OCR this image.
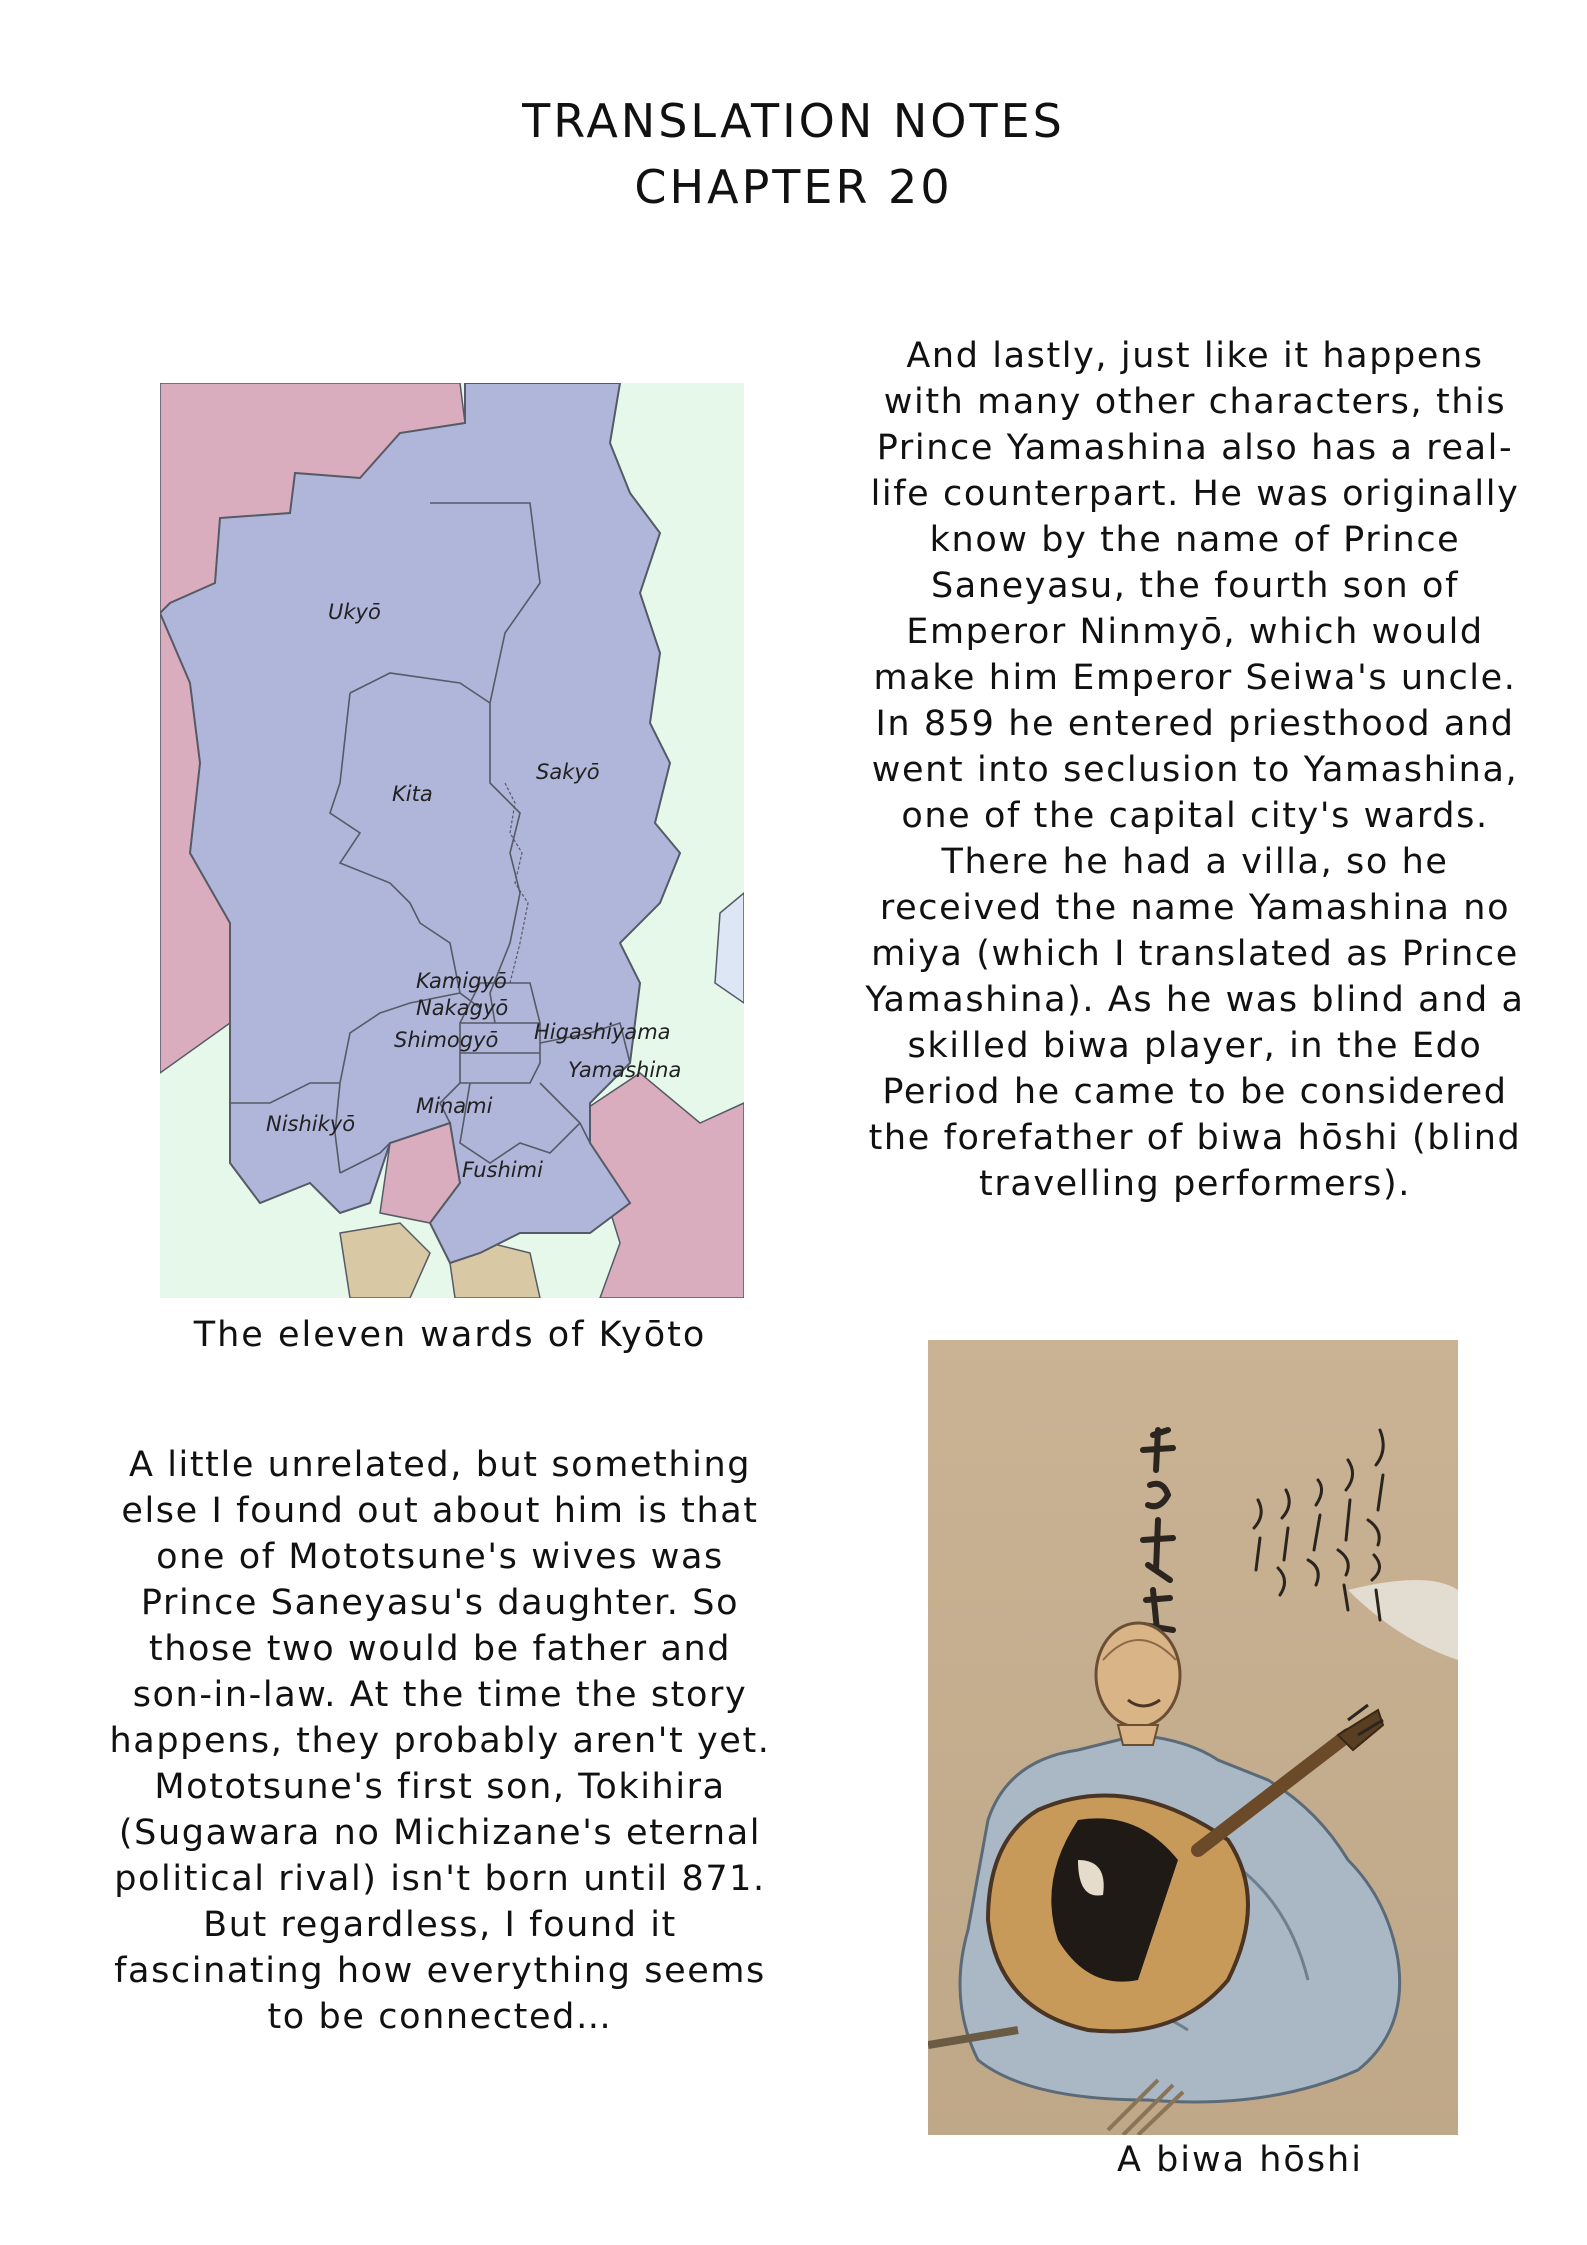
TRANSLATION NOTES
CHAPTER 20
Ukyō
Kita
Sakyō
Kamigyō
Nakagyō
Shimogyō Higashiyama
Yamashina
Minami
Nishikyō
Fushimi
The eleven wards of Kyōto
And lastly, just like it happens
with many other characters, this
Prince Yamashina also has a real-
life counterpart. He was originally
know by the name of Prince
Saneyasu, the fourth son of
Emperor Ninmyō, which would
make him Emperor Seiwa's uncle.
In 859 he entered priesthood and
went into seclusion to Yamashina,
one of the capital city's wards.
There he had a villa, so he
received the name Yamashina no
miya (which I translated as Prince
Yamashina). As he was blind and a
skilled biwa player, in the Edo
Period he came to be considered
the forefather of biwa hōshi (blind
travelling performers).
A little unrelated, but something
else I found out about him is that
one of Mototsune's wives was
Prince Saneyasu's daughter. So
those two would be father and
son-in-law. At the time the story
happens, they probably aren't yet.
Mototsune's first son, Tokihira
(Sugawara no Michizane's eternal
political rival) isn't born until 871.
But regardless, I found it
fascinating how everything seems
to be connected…
A biwa hōshi
